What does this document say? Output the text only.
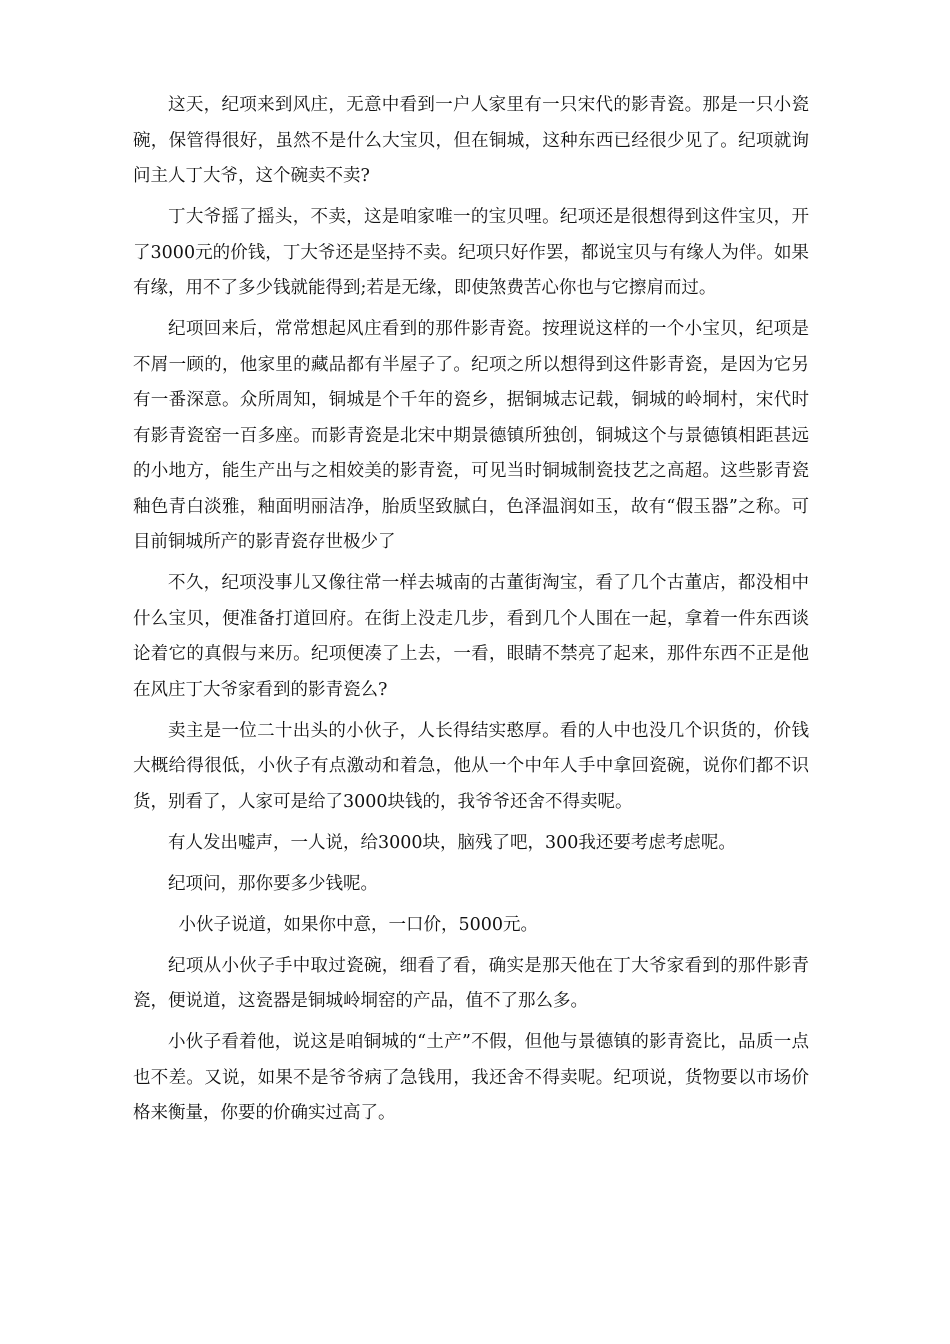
这天，纪项来到风庄，无意中看到一户人家里有一只宋代的影青瓷。那是一只小瓷碗，保管得很好，虽然不是什么大宝贝，但在铜城，这种东西已经很少见了。纪项就询问主人丁大爷，这个碗卖不卖?

丁大爷摇了摇头，不卖，这是咱家唯一的宝贝哩。纪项还是很想得到这件宝贝，开了3000元的价钱，丁大爷还是坚持不卖。纪项只好作罢，都说宝贝与有缘人为伴。如果有缘，用不了多少钱就能得到;若是无缘，即使煞费苦心你也与它擦肩而过。

纪项回来后，常常想起风庄看到的那件影青瓷。按理说这样的一个小宝贝，纪项是不屑一顾的，他家里的藏品都有半屋子了。纪项之所以想得到这件影青瓷，是因为它另有一番深意。众所周知，铜城是个千年的瓷乡，据铜城志记载，铜城的岭垌村，宋代时有影青瓷窑一百多座。而影青瓷是北宋中期景德镇所独创，铜城这个与景德镇相距甚远的小地方，能生产出与之相姣美的影青瓷，可见当时铜城制瓷技艺之高超。这些影青瓷釉色青白淡雅，釉面明丽洁净，胎质坚致腻白，色泽温润如玉，故有“假玉器”之称。可目前铜城所产的影青瓷存世极少了

不久，纪项没事儿又像往常一样去城南的古董街淘宝，看了几个古董店，都没相中什么宝贝，便准备打道回府。在街上没走几步，看到几个人围在一起，拿着一件东西谈论着它的真假与来历。纪项便凑了上去，一看，眼睛不禁亮了起来，那件东西不正是他在风庄丁大爷家看到的影青瓷么?

卖主是一位二十出头的小伙子，人长得结实憨厚。看的人中也没几个识货的，价钱大概给得很低，小伙子有点激动和着急，他从一个中年人手中拿回瓷碗，说你们都不识货，别看了，人家可是给了3000块钱的，我爷爷还舍不得卖呢。

有人发出嘘声，一人说，给3000块，脑残了吧，300我还要考虑考虑呢。

纪项问，那你要多少钱呢。

小伙子说道，如果你中意，一口价，5000元。

纪项从小伙子手中取过瓷碗，细看了看，确实是那天他在丁大爷家看到的那件影青瓷，便说道，这瓷器是铜城岭垌窑的产品，值不了那么多。

小伙子看着他，说这是咱铜城的“土产”不假，但他与景德镇的影青瓷比，品质一点也不差。又说，如果不是爷爷病了急钱用，我还舍不得卖呢。纪项说，货物要以市场价格来衡量，你要的价确实过高了。
